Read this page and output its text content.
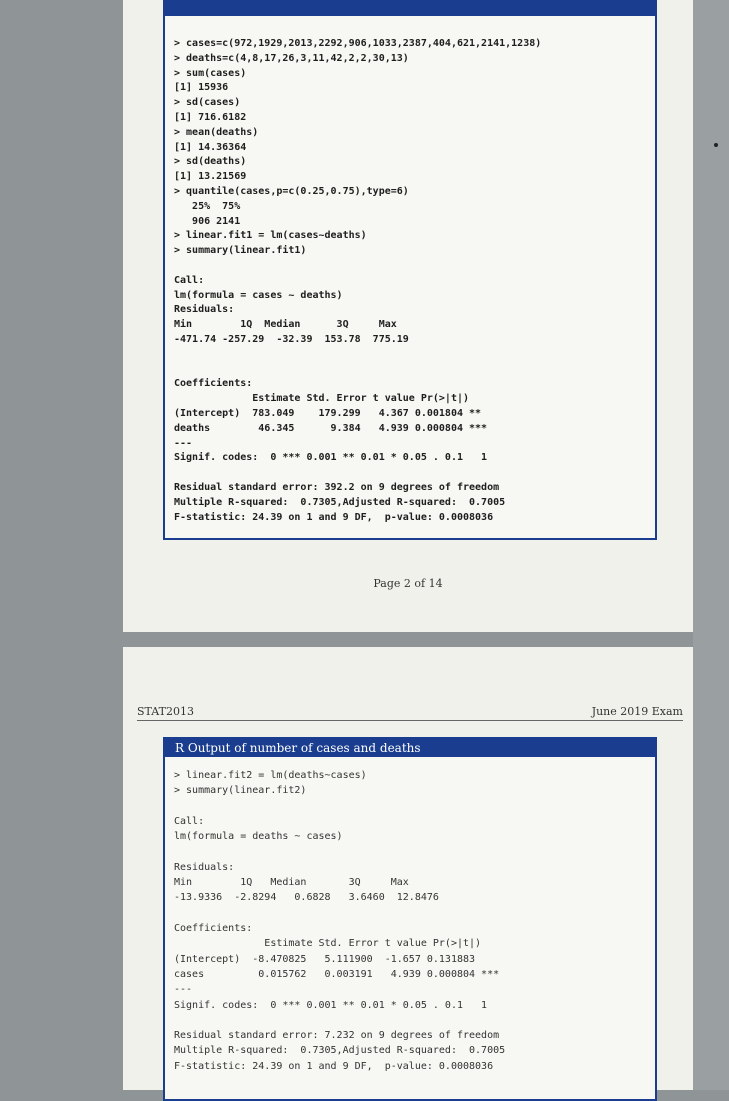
> cases=c(972,1929,2013,2292,906,1033,2387,404,621,2141,1238)
> deaths=c(4,8,17,26,3,11,42,2,2,30,13)
> sum(cases)
[1] 15936
> sd(cases)
[1] 716.6182
> mean(deaths)
[1] 14.36364
> sd(deaths)
[1] 13.21569
> quantile(cases,p=c(0.25,0.75),type=6)
25%  75%
906 2141
> linear.fit1 = lm(cases~deaths)
> summary(linear.fit1)
Call:
lm(formula = cases ~ deaths)
Residuals:
Min        1Q  Median      3Q     Max
-471.74 -257.29  -32.39  153.78  775.19
Coefficients:
Estimate Std. Error t value Pr(>|t|)
(Intercept)  783.049    179.299   4.367 0.001804 **
deaths        46.345      9.384   4.939 0.000804 ***
---
Signif. codes:  0 *** 0.001 ** 0.01 * 0.05 . 0.1   1
Residual standard error: 392.2 on 9 degrees of freedom
Multiple R-squared:  0.7305,Adjusted R-squared:  0.7005
F-statistic: 24.39 on 1 and 9 DF,  p-value: 0.0008036
Page 2 of 14
STAT2013	June 2019 Exam
R Output of number of cases and deaths
> linear.fit2 = lm(deaths~cases)
> summary(linear.fit2)
Call:
lm(formula = deaths ~ cases)
Residuals:
Min        1Q   Median       3Q     Max
-13.9336  -2.8294   0.6828   3.6460  12.8476
Coefficients:
Estimate Std. Error t value Pr(>|t|)
(Intercept)  -8.470825   5.111900  -1.657 0.131883
cases         0.015762   0.003191   4.939 0.000804 ***
---
Signif. codes:  0 *** 0.001 ** 0.01 * 0.05 . 0.1   1
Residual standard error: 7.232 on 9 degrees of freedom
Multiple R-squared:  0.7305,Adjusted R-squared:  0.7005
F-statistic: 24.39 on 1 and 9 DF,  p-value: 0.0008036
